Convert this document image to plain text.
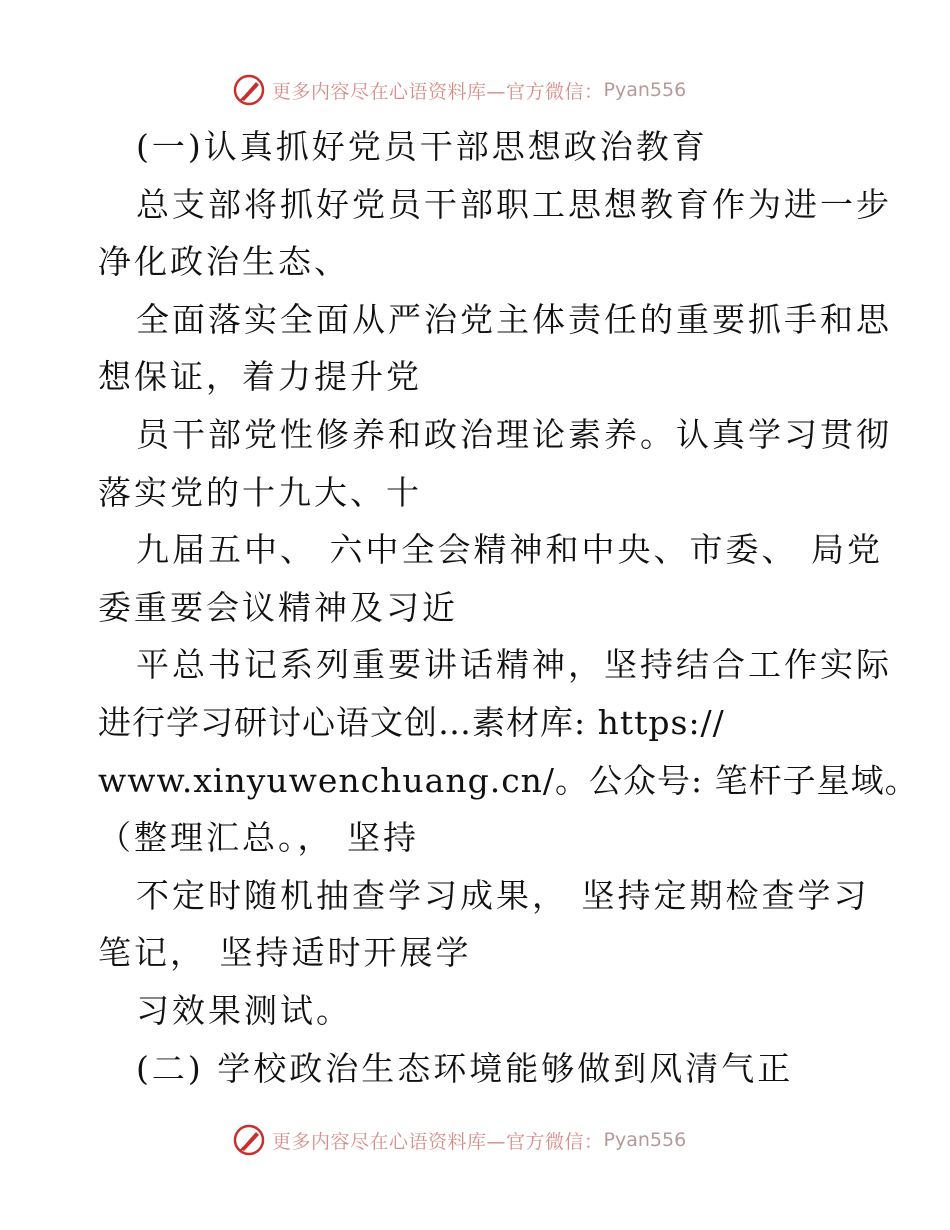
更多内容尽在心语资料库—官方微信： Pyan556
(一)认真抓好党员干部思想政治教育
总支部将抓好党员干部职工思想教育作为进一步
净化政治生态、
全面落实全面从严治党主体责任的重要抓手和思
想保证，着力提升党
员干部党性修养和政治理论素养。认真学习贯彻
落实党的十九大、十
九届五中、 六中全会精神和中央、市委、 局党
委重要会议精神及习近
平总书记系列重要讲话精神，坚持结合工作实际
进行学习研讨心语文创…素材库: https://
www.xinyuwenchuang.cn/。公众号: 笔杆子星域。
（整理汇总。， 坚持
不定时随机抽查学习成果， 坚持定期检查学习
笔记， 坚持适时开展学
习效果测试。
(二) 学校政治生态环境能够做到风清气正
更多内容尽在心语资料库—官方微信： Pyan556
